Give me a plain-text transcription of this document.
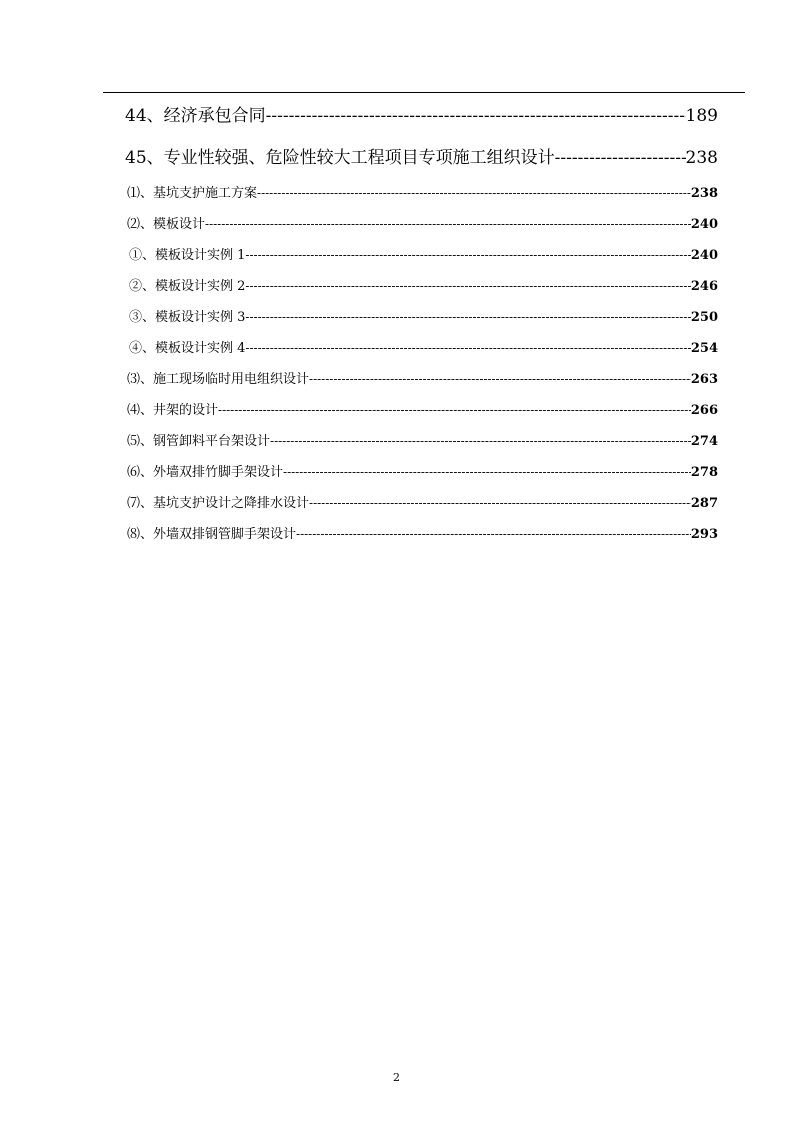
44、经济承包合同 -----	189
45、专业性较强、危险性较大工程项目专项施工组织设计 -----	238
⑴、基坑支护施工方案 -----	238
⑵、模板设计 -----	240
①、模板设计实例 1 -----	240
②、模板设计实例 2 -----	246
③、模板设计实例 3 -----	250
④、模板设计实例 4 -----	254
⑶、施工现场临时用电组织设计 -----	263
⑷、井架的设计 -----	266
⑸、钢管卸料平台架设计 -----	274
⑹、外墙双排竹脚手架设计 -----	278
⑺、基坑支护设计之降排水设计 -----	287
⑻、外墙双排钢管脚手架设计 -----	293
2
